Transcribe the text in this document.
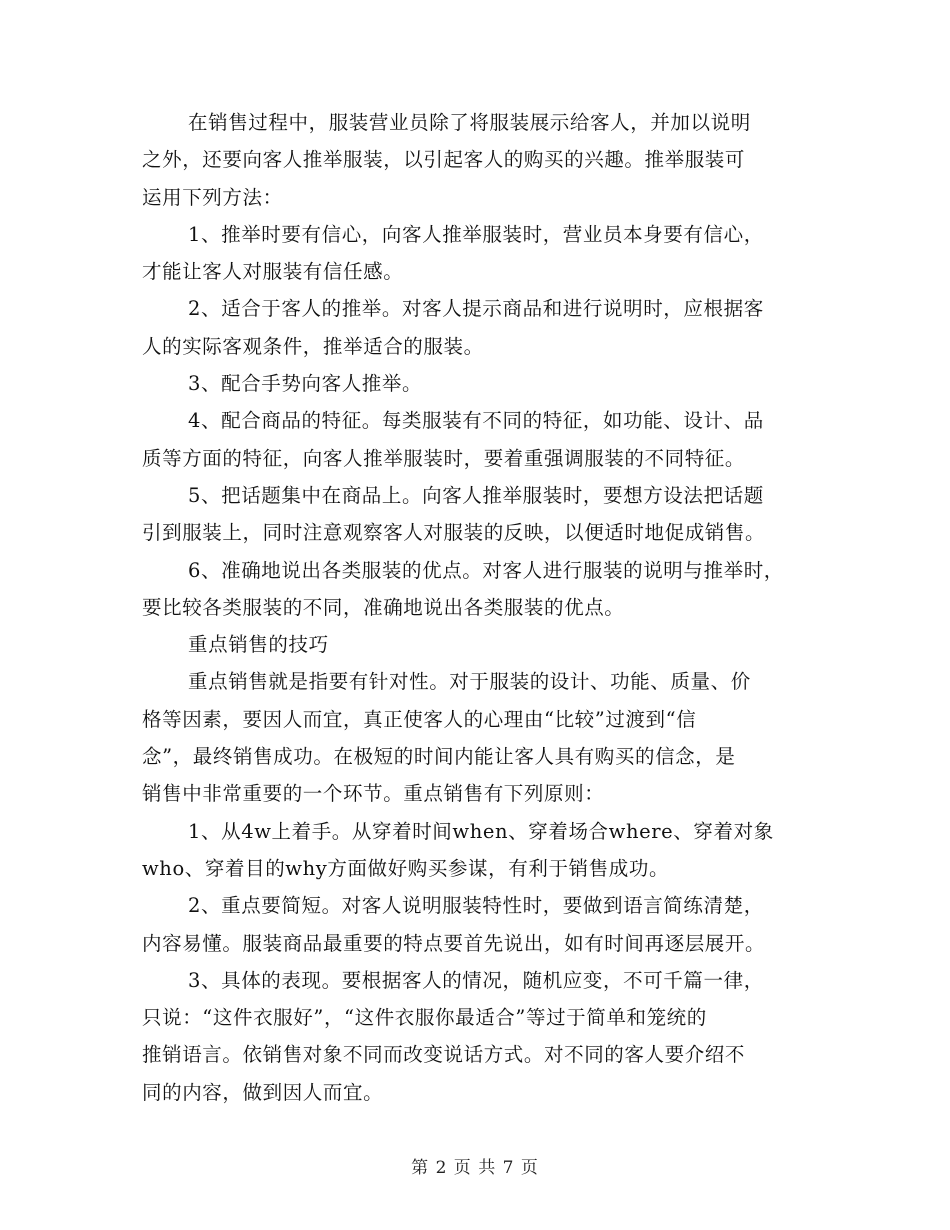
在销售过程中，服装营业员除了将服装展示给客人，并加以说明
之外，还要向客人推举服装，以引起客人的购买的兴趣。推举服装可
运用下列方法：

1、推举时要有信心，向客人推举服装时，营业员本身要有信心，
才能让客人对服装有信任感。

2、适合于客人的推举。对客人提示商品和进行说明时，应根据客
人的实际客观条件，推举适合的服装。

3、配合手势向客人推举。

4、配合商品的特征。每类服装有不同的特征，如功能、设计、品
质等方面的特征，向客人推举服装时，要着重强调服装的不同特征。

5、把话题集中在商品上。向客人推举服装时，要想方设法把话题
引到服装上，同时注意观察客人对服装的反映，以便适时地促成销售。

6、准确地说出各类服装的优点。对客人进行服装的说明与推举时，
要比较各类服装的不同，准确地说出各类服装的优点。

重点销售的技巧

重点销售就是指要有针对性。对于服装的设计、功能、质量、价
格等因素，要因人而宜，真正使客人的心理由“比较”过渡到“信
念”，最终销售成功。在极短的时间内能让客人具有购买的信念，是
销售中非常重要的一个环节。重点销售有下列原则：

1、从4w上着手。从穿着时间when、穿着场合where、穿着对象
who、穿着目的why方面做好购买参谋，有利于销售成功。

2、重点要简短。对客人说明服装特性时，要做到语言简练清楚，
内容易懂。服装商品最重要的特点要首先说出，如有时间再逐层展开。

3、具体的表现。要根据客人的情况，随机应变，不可千篇一律，
只说：“这件衣服好”，“这件衣服你最适合”等过于简单和笼统的
推销语言。依销售对象不同而改变说话方式。对不同的客人要介绍不
同的内容，做到因人而宜。

第 2 页 共 7 页
